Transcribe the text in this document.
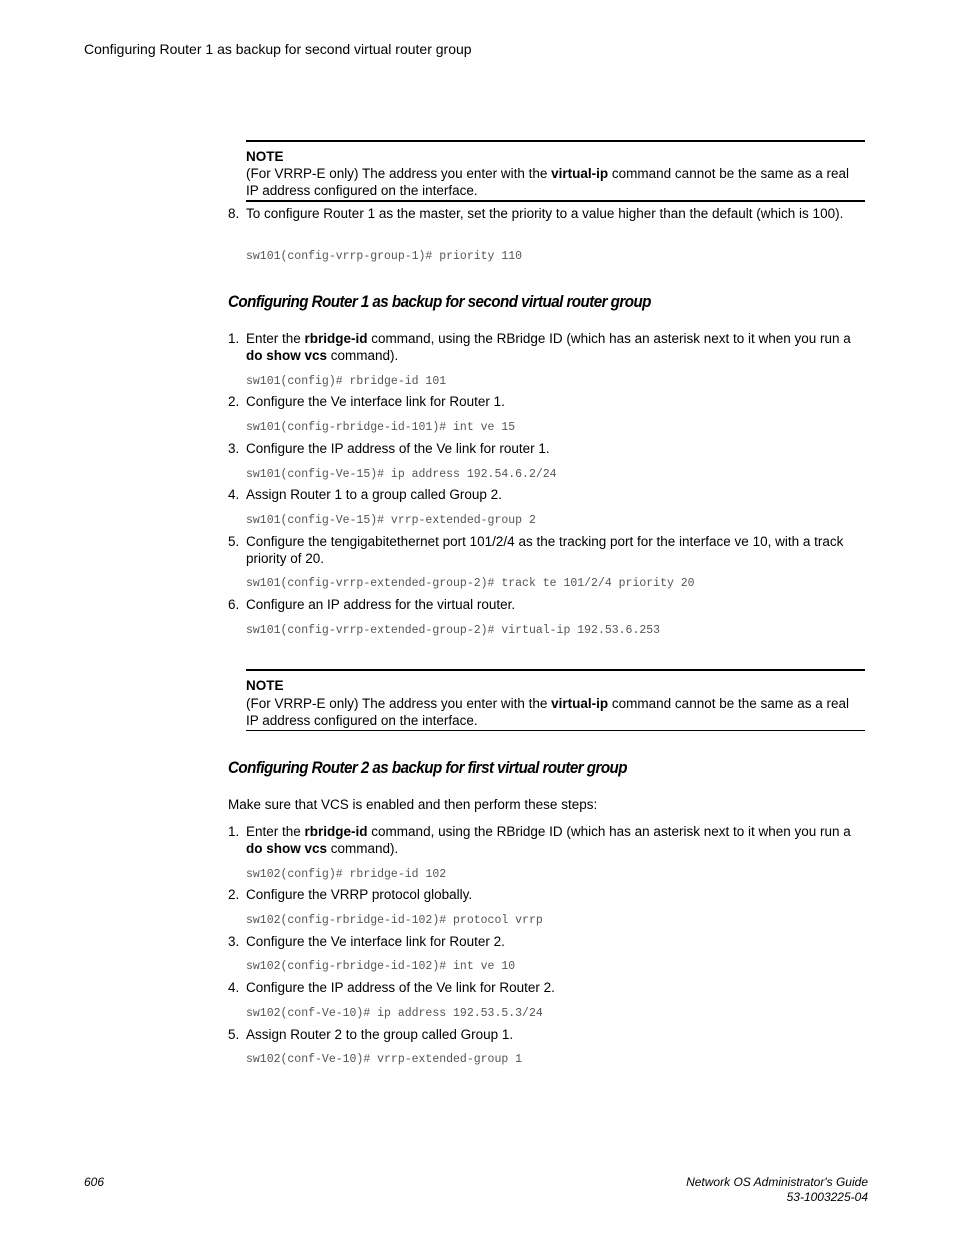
Configuring Router 1 as backup for second virtual router group
NOTE
(For VRRP-E only) The address you enter with the virtual-ip command cannot be the same as a real IP address configured on the interface.
8. To configure Router 1 as the master, set the priority to a value higher than the default (which is 100).
sw101(config-vrrp-group-1)# priority 110
Configuring Router 1 as backup for second virtual router group
1. Enter the rbridge-id command, using the RBridge ID (which has an asterisk next to it when you run a do show vcs command).
sw101(config)# rbridge-id 101
2. Configure the Ve interface link for Router 1.
sw101(config-rbridge-id-101)# int ve 15
3. Configure the IP address of the Ve link for router 1.
sw101(config-Ve-15)# ip address 192.54.6.2/24
4. Assign Router 1 to a group called Group 2.
sw101(config-Ve-15)# vrrp-extended-group 2
5. Configure the tengigabitethernet port 101/2/4 as the tracking port for the interface ve 10, with a track priority of 20.
sw101(config-vrrp-extended-group-2)# track te 101/2/4 priority 20
6. Configure an IP address for the virtual router.
sw101(config-vrrp-extended-group-2)# virtual-ip 192.53.6.253
NOTE
(For VRRP-E only) The address you enter with the virtual-ip command cannot be the same as a real IP address configured on the interface.
Configuring Router 2 as backup for first virtual router group
Make sure that VCS is enabled and then perform these steps:
1. Enter the rbridge-id command, using the RBridge ID (which has an asterisk next to it when you run a do show vcs command).
sw102(config)# rbridge-id 102
2. Configure the VRRP protocol globally.
sw102(config-rbridge-id-102)# protocol vrrp
3. Configure the Ve interface link for Router 2.
sw102(config-rbridge-id-102)# int ve 10
4. Configure the IP address of the Ve link for Router 2.
sw102(conf-Ve-10)# ip address 192.53.5.3/24
5. Assign Router 2 to the group called Group 1.
sw102(conf-Ve-10)# vrrp-extended-group 1
606	Network OS Administrator's Guide
53-1003225-04
